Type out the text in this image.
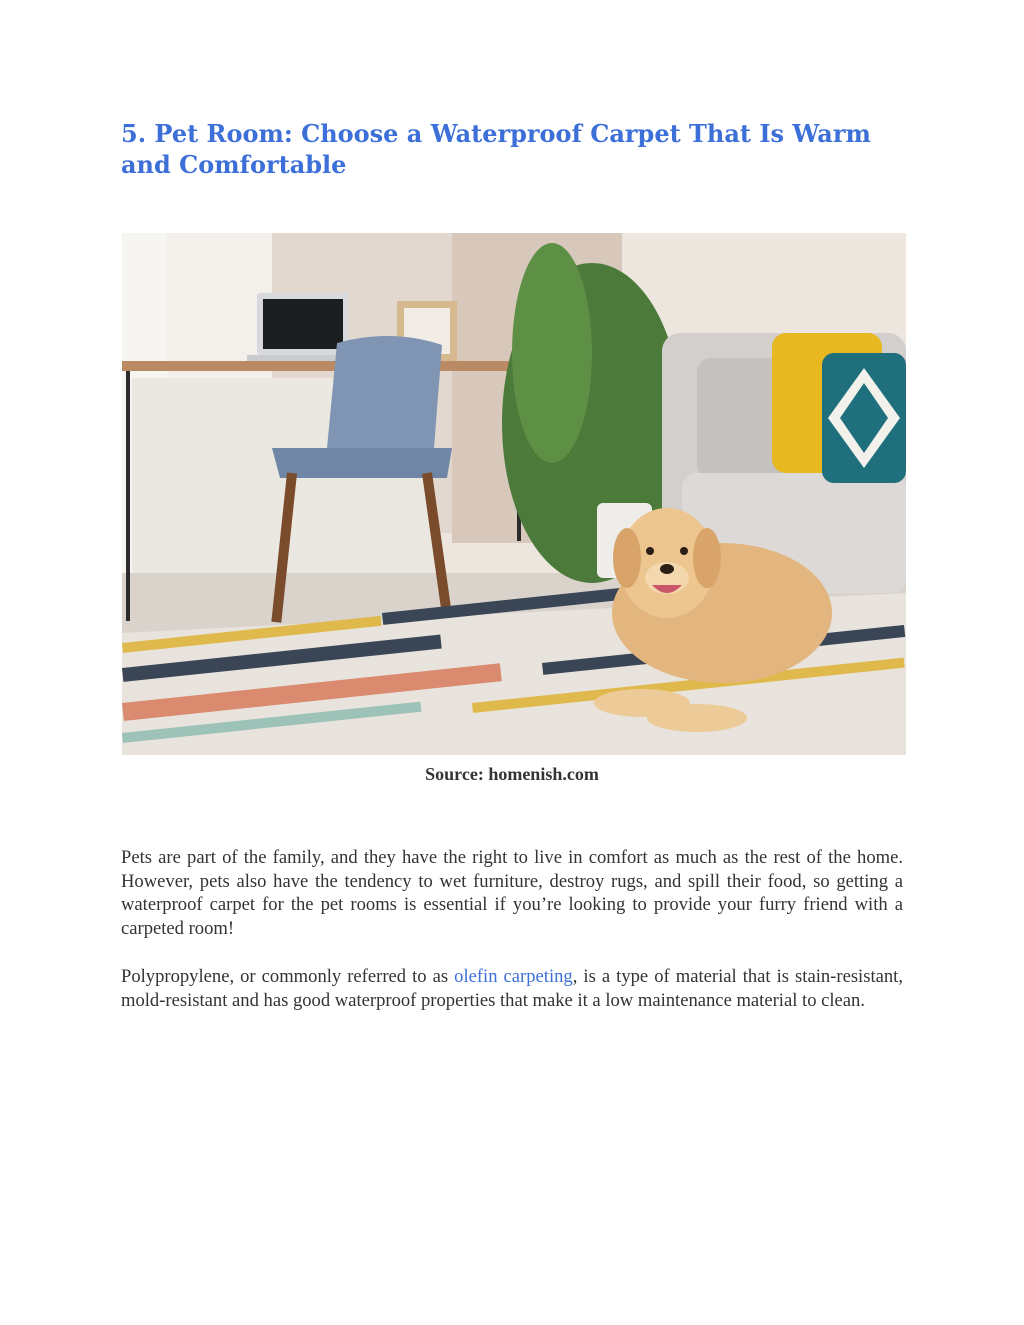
5. Pet Room: Choose a Waterproof Carpet That Is Warm and Comfortable
Source: homenish.com

Pets are part of the family, and they have the right to live in comfort as much as the rest of the home. However, pets also have the tendency to wet furniture, destroy rugs, and spill their food, so getting a waterproof carpet for the pet rooms is essential if you’re looking to provide your furry friend with a carpeted room!

Polypropylene, or commonly referred to as olefin carpeting, is a type of material that is stain-resistant, mold-resistant and has good waterproof properties that make it a low maintenance material to clean.
